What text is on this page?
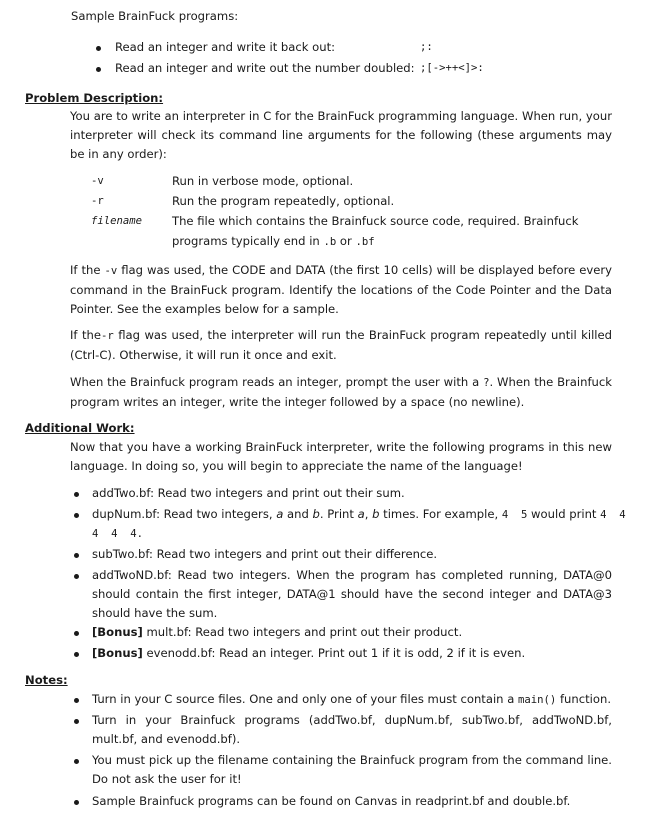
Sample BrainFuck programs:
Read an integer and write it back out:	;:
Read an integer and write out the number doubled: ;[->++<]>:
Problem Description:
You are to write an interpreter in C for the BrainFuck programming language. When run, your interpreter will check its command line arguments for the following (these arguments may be in any order):
-v	Run in verbose mode, optional.
-r	Run the program repeatedly, optional.
filename	The file which contains the Brainfuck source code, required. Brainfuck
programs typically end in .b or .bf
If the -v flag was used, the CODE and DATA (the first 10 cells) will be displayed before every command in the BrainFuck program. Identify the locations of the Code Pointer and the Data Pointer. See the examples below for a sample.
If the-r flag was used, the interpreter will run the BrainFuck program repeatedly until killed (Ctrl-C). Otherwise, it will run it once and exit.
When the Brainfuck program reads an integer, prompt the user with a ?. When the Brainfuck program writes an integer, write the integer followed by a space (no newline).
Additional Work:
Now that you have a working BrainFuck interpreter, write the following programs in this new language. In doing so, you will begin to appreciate the name of the language!
addTwo.bf: Read two integers and print out their sum.
dupNum.bf: Read two integers, a and b. Print a, b times. For example, 4  5 would print 4  4
4  4  4.
subTwo.bf: Read two integers and print out their difference.
addTwoND.bf: Read two integers. When the program has completed running, DATA@0 should contain the first integer, DATA@1 should have the second integer and DATA@3 should have the sum.
[Bonus] mult.bf: Read two integers and print out their product.
[Bonus] evenodd.bf: Read an integer. Print out 1 if it is odd, 2 if it is even.
Notes:
Turn in your C source files. One and only one of your files must contain a main() function.
Turn in your Brainfuck programs (addTwo.bf, dupNum.bf, subTwo.bf, addTwoND.bf, mult.bf, and evenodd.bf).
You must pick up the filename containing the Brainfuck program from the command line. Do not ask the user for it!
Sample Brainfuck programs can be found on Canvas in readprint.bf and double.bf.
